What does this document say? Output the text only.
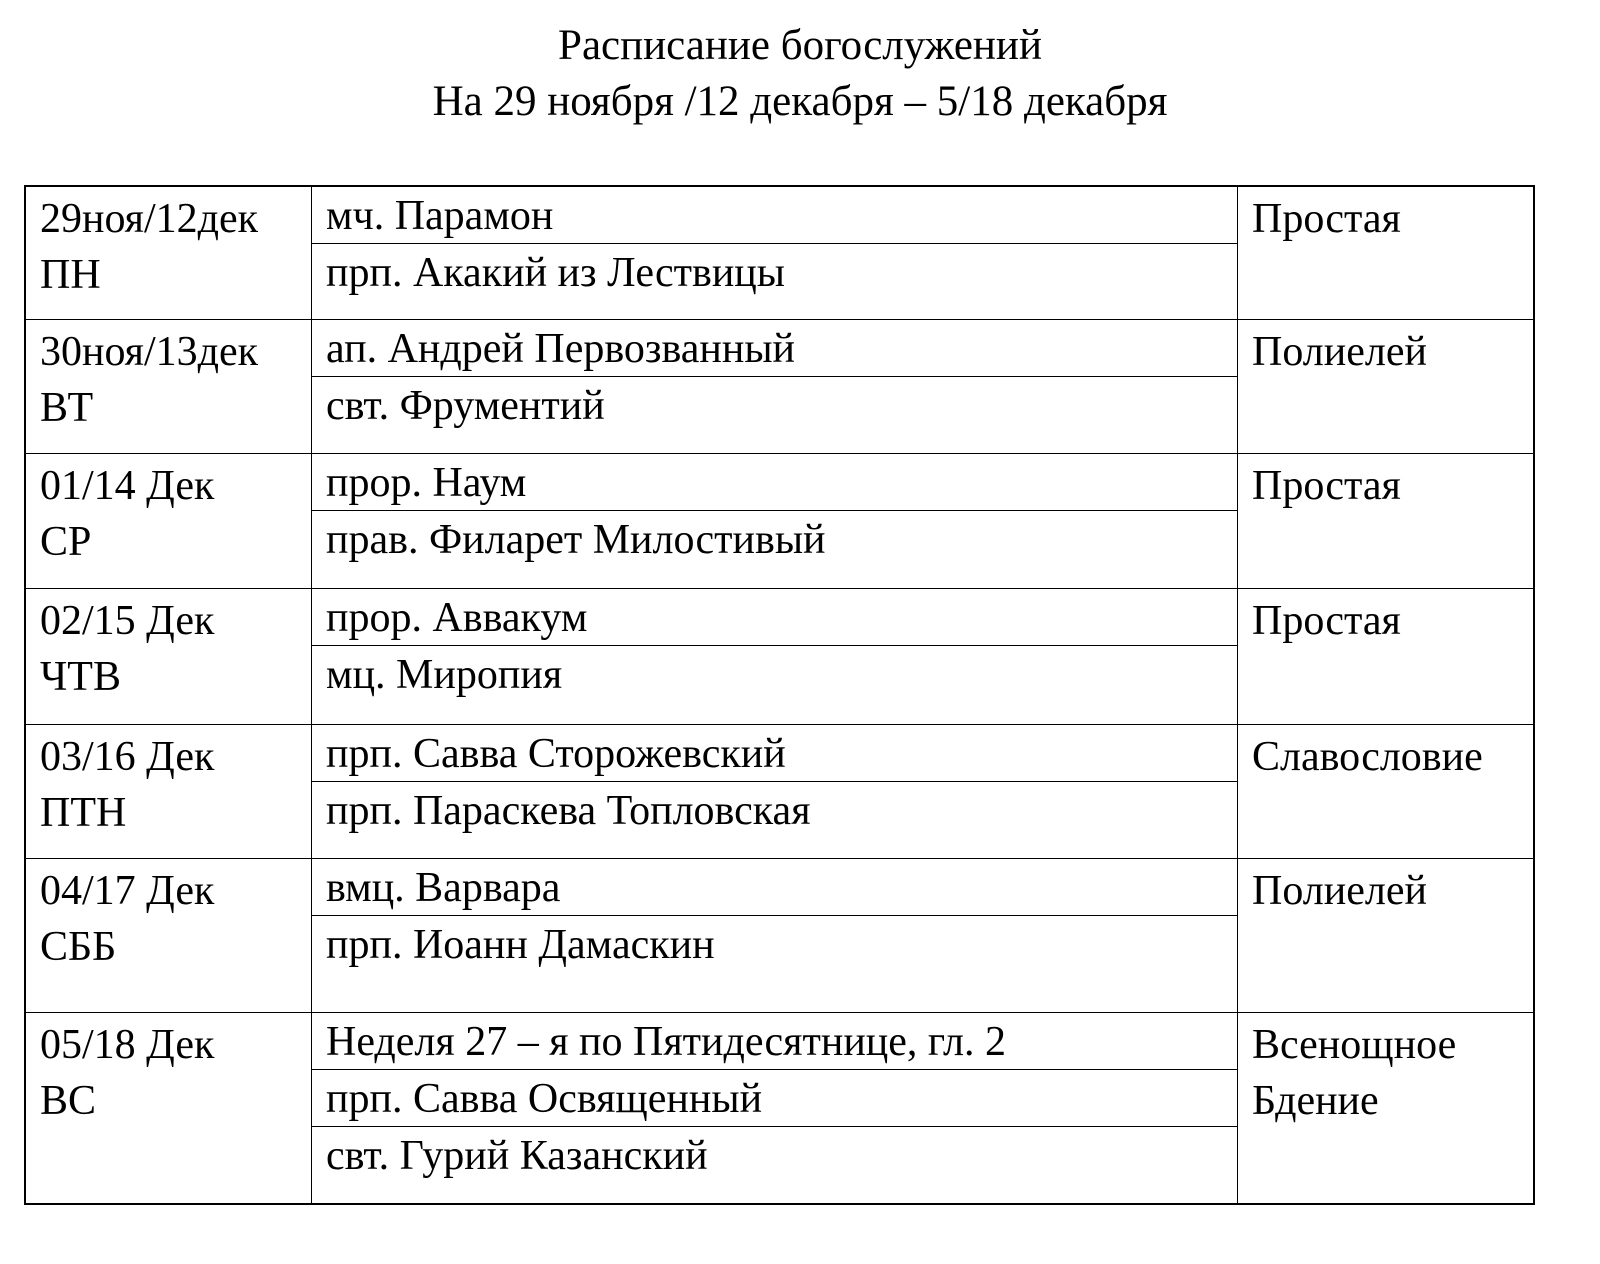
Расписание богослужений
На 29 ноября /12 декабря – 5/18 декабря
29ноя/12дек
ПН
мч. Парамон
прп. Акакий из Лествицы
Простая
30ноя/13дек
ВТ
ап. Андрей Первозванный
свт. Фрументий
Полиелей
01/14 Дек
СР
прор. Наум
прав. Филарет Милостивый
Простая
02/15 Дек
ЧТВ
прор. Аввакум
мц. Миропия
Простая
03/16 Дек
ПТН
прп. Савва Сторожевский
прп. Параскева Топловская
Славословие
04/17 Дек
СББ
вмц. Варвара
прп. Иоанн Дамаскин
Полиелей
05/18 Дек
ВС
Неделя 27 – я по Пятидесятнице, гл. 2
прп. Савва Освященный
свт. Гурий Казанский
Всенощное
Бдение
